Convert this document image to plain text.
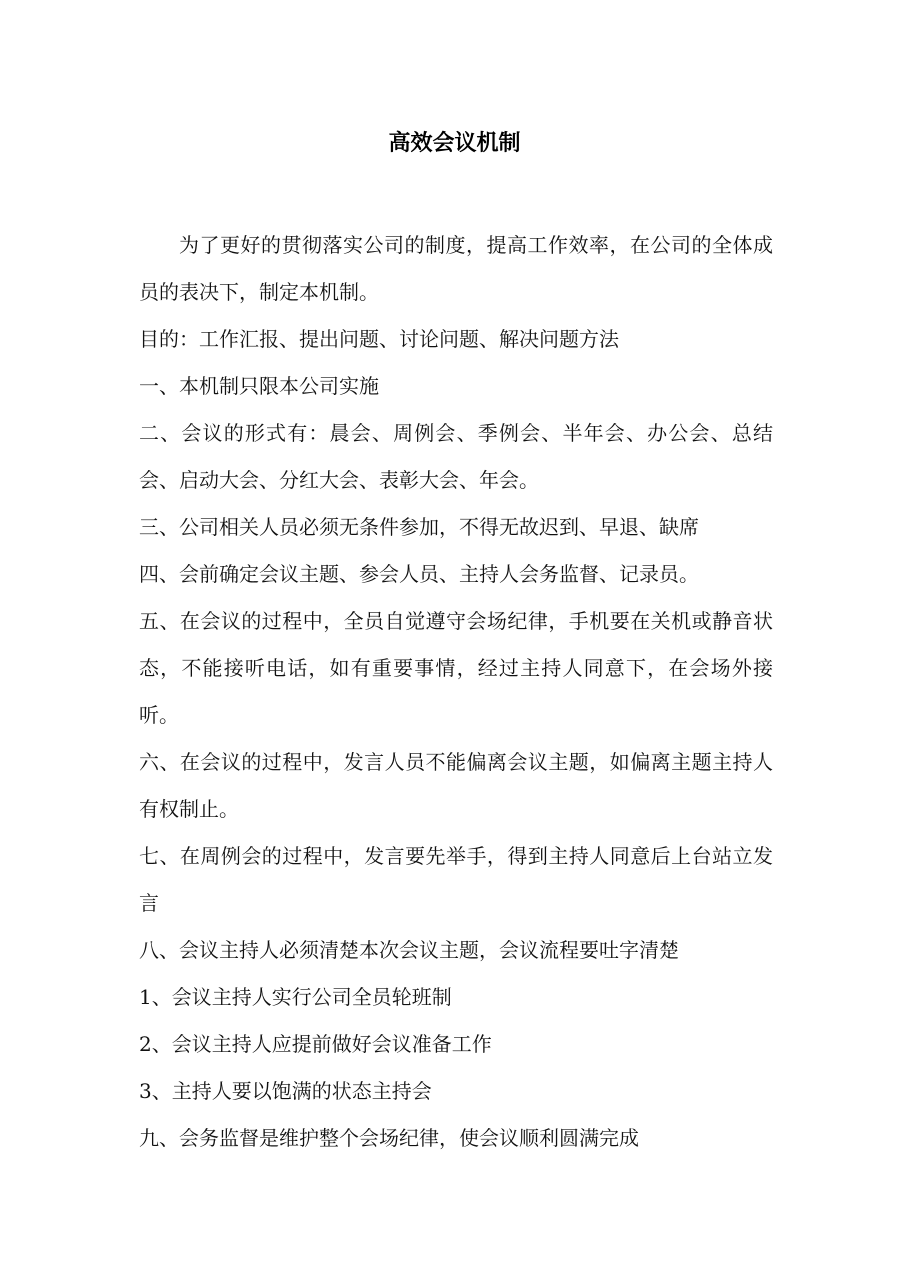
高效会议机制

为了更好的贯彻落实公司的制度，提高工作效率，在公司的全体成员的表决下，制定本机制。

目的：工作汇报、提出问题、讨论问题、解决问题方法

一、本机制只限本公司实施

二、会议的形式有：晨会、周例会、季例会、半年会、办公会、总结会、启动大会、分红大会、表彰大会、年会。

三、公司相关人员必须无条件参加，不得无故迟到、早退、缺席

四、会前确定会议主题、参会人员、主持人会务监督、记录员。

五、在会议的过程中，全员自觉遵守会场纪律，手机要在关机或静音状态，不能接听电话，如有重要事情，经过主持人同意下，在会场外接听。

六、在会议的过程中，发言人员不能偏离会议主题，如偏离主题主持人有权制止。

七、在周例会的过程中，发言要先举手，得到主持人同意后上台站立发言

八、会议主持人必须清楚本次会议主题，会议流程要吐字清楚

1、会议主持人实行公司全员轮班制

2、会议主持人应提前做好会议准备工作

3、主持人要以饱满的状态主持会

九、会务监督是维护整个会场纪律，使会议顺利圆满完成
